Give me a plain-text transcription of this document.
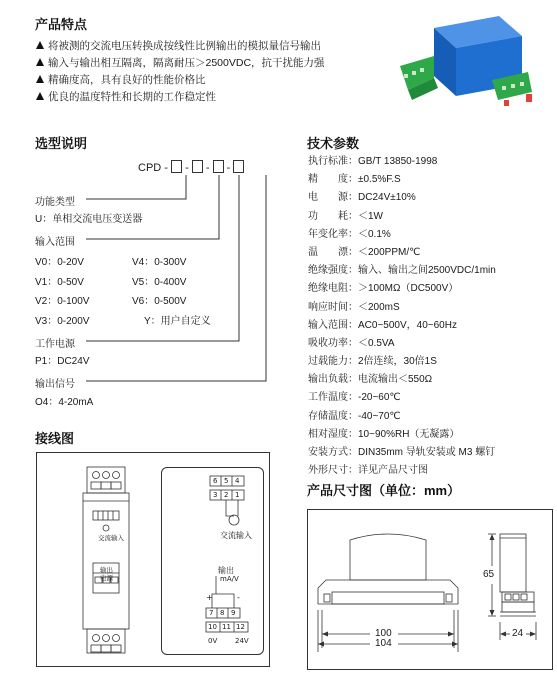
产品特点
将被测的交流电压转换成按线性比例输出的模拟量信号输出
输入与输出相互隔离，隔离耐压＞2500VDC，抗干扰能力强
精确度高，具有良好的性能价格比
优良的温度特性和长期的工作稳定性
选型说明
CPD - - - -
功能类型
U：单相交流电压变送器
输入范围
V0：0-20V	V4：0-300V
V1：0-50V	V5：0-400V
V2：0-100V	V6：0-500V
V3：0-200V	Y：用户自定义
工作电源
P1：DC24V
输出信号
O4：4-20mA
技术参数
执行标准：GB/T 13850-1998
精　　度：±0.5%F.S
电　　源：DC24V±10%
功　　耗：＜1W
年变化率：＜0.1%
温　　漂：＜200PPM/℃
绝缘强度：输入、输出之间2500VDC/1min
绝缘电阻：＞100MΩ（DC500V）
响应时间：＜200mS
输入范围：AC0~500V，40~60Hz
吸收功率：＜0.5VA
过载能力：2倍连续，30倍1S
输出负载：电流输出＜550Ω
工作温度：-20~60℃
存储温度：-40~70℃
相对湿度：10~90%RH（无凝露）
安装方式：DIN35mm 导轨安装或 M3 螺钉
外形尺寸：详见产品尺寸图
接线图
交流输入
输出
电源
6 5 4
3 2 1
交流输入
输出
mA/V
+	-
7 8 9
10 11 12
0V	24V
产品尺寸图（单位：mm）
100
104
65
24
